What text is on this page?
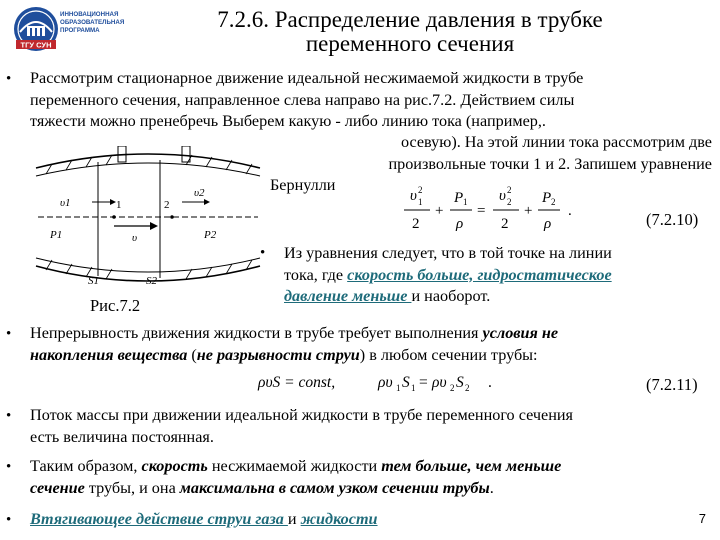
ТГУ СУН
ИННОВАЦИОННАЯ
ОБРАЗОВАТЕЛЬНАЯ
ПРОГРАММА	7.2.6. Распределение давления в трубке
переменного сечения
• Рассмотрим стационарное движение идеальной несжимаемой жидкости в трубе
переменного сечения, направленное слева направо на рис.7.2. Действием силы
тяжести можно пренебречь Выберем какую - либо линию тока (например,.
осевую). На этой линии тока рассмотрим две
произвольные точки 1 и 2. Запишем уравнение
Бернулли
υ1
υ2
1	2
P1	P2
υ
S1	S2
Рис.7.2
υ 2
1
2
+
P 1
ρ
=
υ 2
2
2
+
P 2
ρ
.	(7.2.10)
• Из уравнения следует, что в той точке на линии
тока, где скорость больше, гидростатическое
давление меньше и наоборот.
• Непрерывность движения жидкости в трубе требует выполнения условия не
накопления вещества (не разрывности струи) в любом сечении трубы:
ρυS = const,	ρυ 1 S 1 = ρυ 2 S 2 .	(7.2.11)
• Поток массы при движении идеальной жидкости в трубе переменного сечения
есть величина постоянная.
• Таким образом, скорость несжимаемой жидкости тем больше, чем меньше
сечение трубы, и она максимальна в самом узком сечении трубы.
• Втягивающее действие струи газа и жидкости	7
